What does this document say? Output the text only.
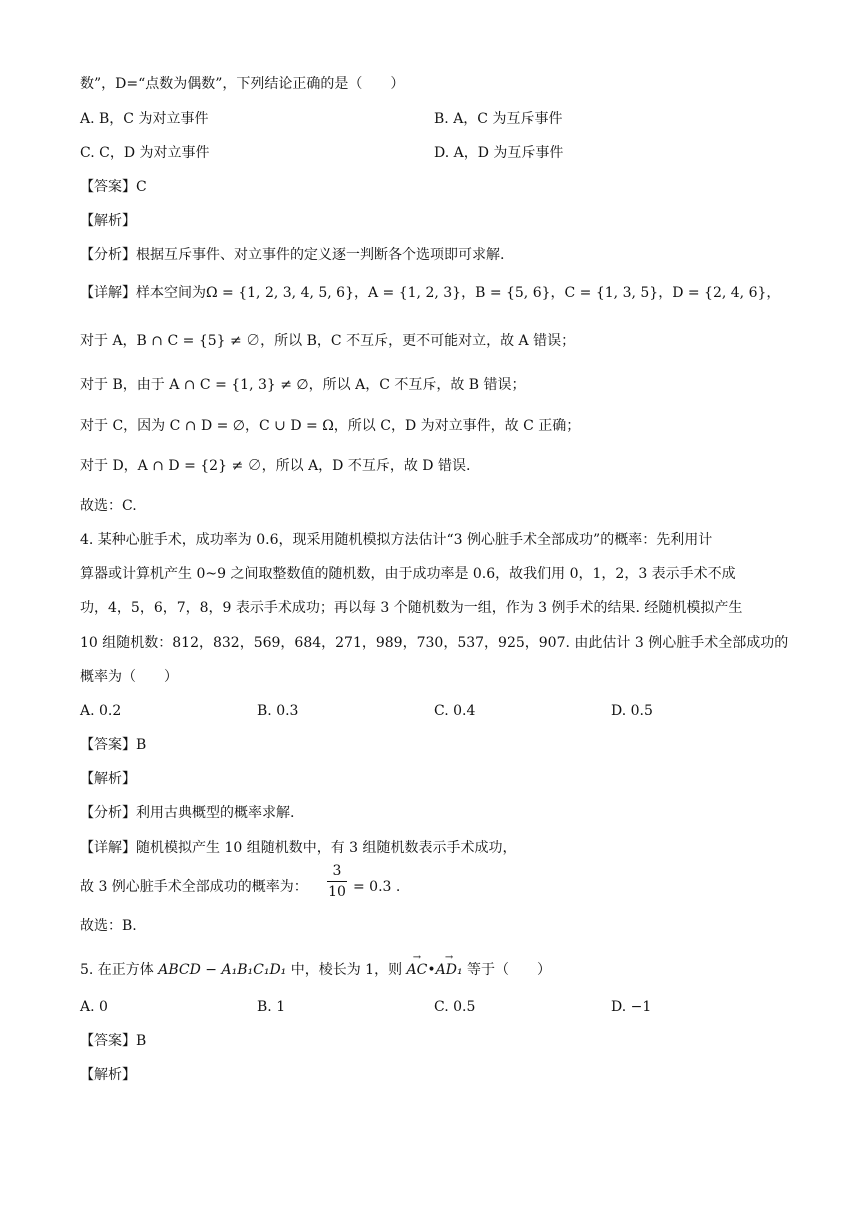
数”，D=“点数为偶数”，下列结论正确的是（　　）
A. B，C 为对立事件	B. A，C 为互斥事件
C. C，D 为对立事件	D. A，D 为互斥事件
【答案】C
【解析】
【分析】根据互斥事件、对立事件的定义逐一判断各个选项即可求解.
【详解】样本空间为Ω = {1, 2, 3, 4, 5, 6}，A = {1, 2, 3}，B = {5, 6}，C = {1, 3, 5}，D = {2, 4, 6}，
对于 A，B ∩ C = {5} ≠ ∅，所以 B，C 不互斥，更不可能对立，故 A 错误；
对于 B，由于 A ∩ C = {1, 3} ≠ ∅，所以 A，C 不互斥，故 B 错误；
对于 C，因为 C ∩ D = ∅，C ∪ D = Ω，所以 C，D 为对立事件，故 C 正确；
对于 D，A ∩ D = {2} ≠ ∅，所以 A，D 不互斥，故 D 错误.
故选：C.
4. 某种心脏手术，成功率为 0.6，现采用随机模拟方法估计“3 例心脏手术全部成功”的概率：先利用计
算器或计算机产生 0~9 之间取整数值的随机数，由于成功率是 0.6，故我们用 0，1，2，3 表示手术不成
功，4，5，6，7，8，9 表示手术成功；再以每 3 个随机数为一组，作为 3 例手术的结果. 经随机模拟产生
10 组随机数：812，832，569，684，271，989，730，537，925，907. 由此估计 3 例心脏手术全部成功的
概率为（　　）
A. 0.2	B. 0.3	C. 0.4	D. 0.5
【答案】B
【解析】
【分析】利用古典概型的概率求解.
【详解】随机模拟产生 10 组随机数中，有 3 组随机数表示手术成功，
故 3 例心脏手术全部成功的概率为：
3
10 = 0.3 .
故选：B.
5. 在正方体 ABCD − A₁B₁C₁D₁ 中，棱长为 1，则 → AC•→ AD₁ 等于（　　）
A. 0	B. 1	C. 0.5	D. −1
【答案】B
【解析】
